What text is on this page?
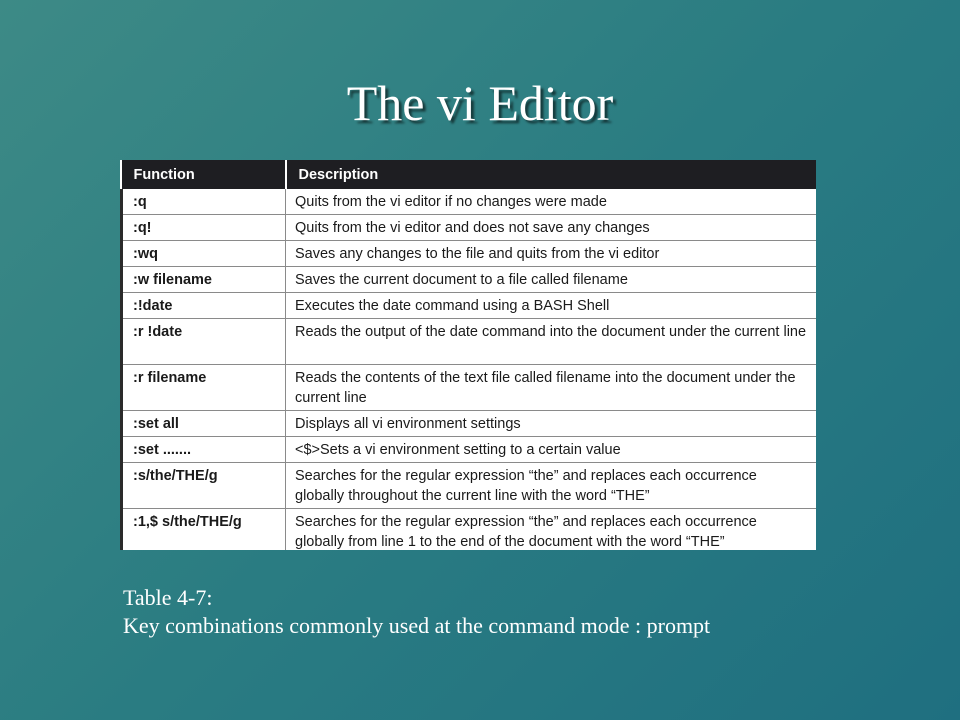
The vi Editor
Function	Description
:q	Quits from the vi editor if no changes were made
:q!	Quits from the vi editor and does not save any changes
:wq	Saves any changes to the file and quits from the vi editor
:w filename	Saves the current document to a file called filename
:!date	Executes the date command using a BASH Shell
:r !date	Reads the output of the date command into the document under the current line
:r filename	Reads the contents of the text file called filename into the document under the current line
:set all	Displays all vi environment settings
:set .......	<$>Sets a vi environment setting to a certain value
:s/the/THE/g	Searches for the regular expression “the” and replaces each occurrence globally throughout the current line with the word “THE”
:1,$ s/the/THE/g	Searches for the regular expression “the” and replaces each occurrence globally from line 1 to the end of the document with the word “THE”
Table 4-7:
Key combinations commonly used at the command mode : prompt
